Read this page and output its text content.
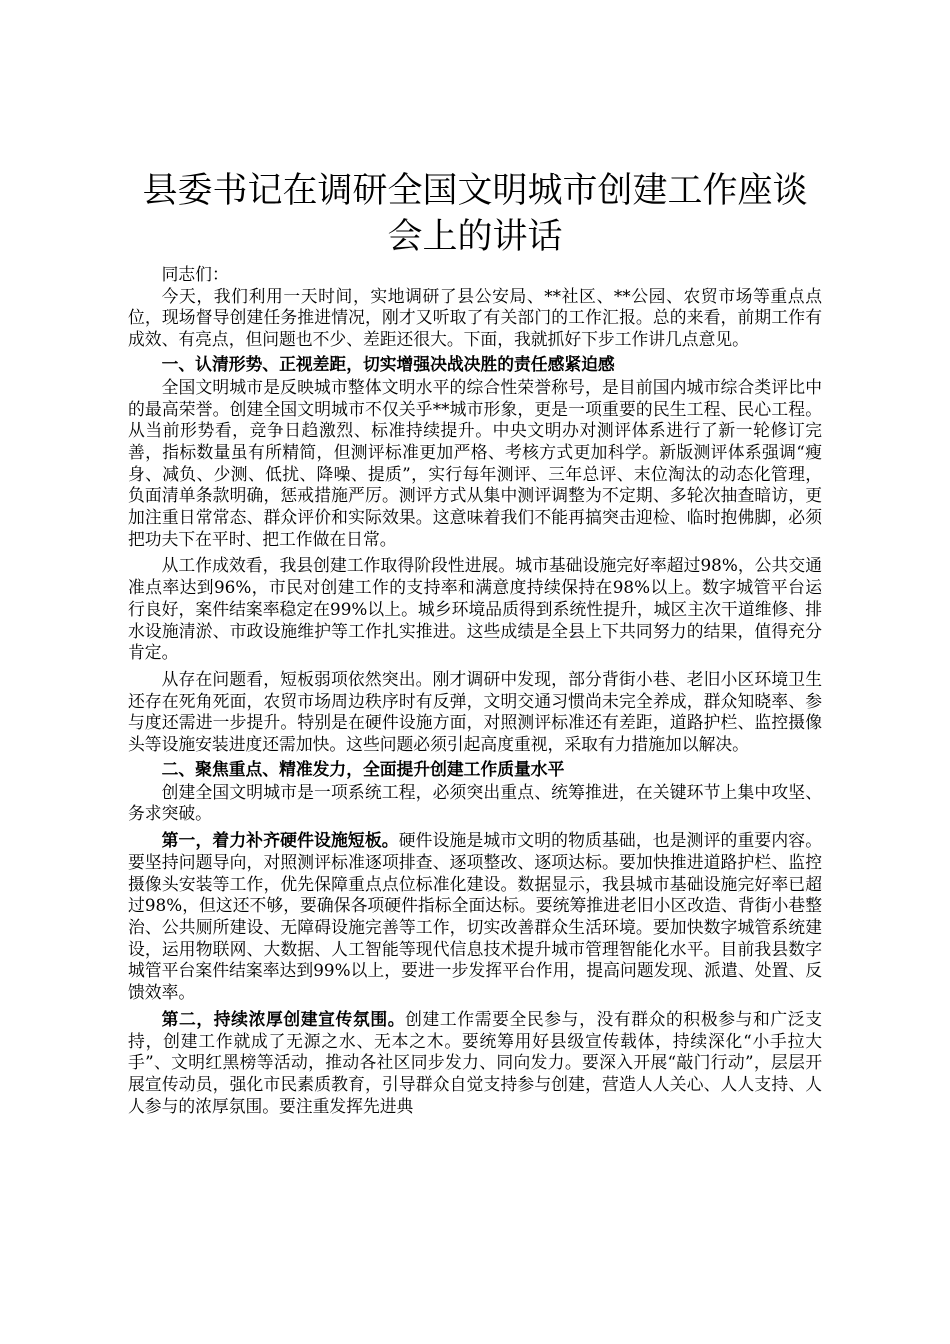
县委书记在调研全国文明城市创建工作座谈会上的讲话

同志们：

今天，我们利用一天时间，实地调研了县公安局、**社区、**公园、农贸市场等重点点位，现场督导创建任务推进情况，刚才又听取了有关部门的工作汇报。总的来看，前期工作有成效、有亮点，但问题也不少、差距还很大。下面，我就抓好下步工作讲几点意见。

一、认清形势、正视差距，切实增强决战决胜的责任感紧迫感

全国文明城市是反映城市整体文明水平的综合性荣誉称号，是目前国内城市综合类评比中的最高荣誉。创建全国文明城市不仅关乎**城市形象，更是一项重要的民生工程、民心工程。从当前形势看，竞争日趋激烈、标准持续提升。中央文明办对测评体系进行了新一轮修订完善，指标数量虽有所精简，但测评标准更加严格、考核方式更加科学。新版测评体系强调“瘦身、减负、少测、低扰、降噪、提质”，实行每年测评、三年总评、末位淘汰的动态化管理，负面清单条款明确，惩戒措施严厉。测评方式从集中测评调整为不定期、多轮次抽查暗访，更加注重日常常态、群众评价和实际效果。这意味着我们不能再搞突击迎检、临时抱佛脚，必须把功夫下在平时、把工作做在日常。

从工作成效看，我县创建工作取得阶段性进展。城市基础设施完好率超过98%，公共交通准点率达到96%，市民对创建工作的支持率和满意度持续保持在98%以上。数字城管平台运行良好，案件结案率稳定在99%以上。城乡环境品质得到系统性提升，城区主次干道维修、排水设施清淤、市政设施维护等工作扎实推进。这些成绩是全县上下共同努力的结果，值得充分肯定。

从存在问题看，短板弱项依然突出。刚才调研中发现，部分背街小巷、老旧小区环境卫生还存在死角死面，农贸市场周边秩序时有反弹，文明交通习惯尚未完全养成，群众知晓率、参与度还需进一步提升。特别是在硬件设施方面，对照测评标准还有差距，道路护栏、监控摄像头等设施安装进度还需加快。这些问题必须引起高度重视，采取有力措施加以解决。

二、聚焦重点、精准发力，全面提升创建工作质量水平

创建全国文明城市是一项系统工程，必须突出重点、统筹推进，在关键环节上集中攻坚、务求突破。

第一，着力补齐硬件设施短板。硬件设施是城市文明的物质基础，也是测评的重要内容。要坚持问题导向，对照测评标准逐项排查、逐项整改、逐项达标。要加快推进道路护栏、监控摄像头安装等工作，优先保障重点点位标准化建设。数据显示，我县城市基础设施完好率已超过98%，但这还不够，要确保各项硬件指标全面达标。要统筹推进老旧小区改造、背街小巷整治、公共厕所建设、无障碍设施完善等工作，切实改善群众生活环境。要加快数字城管系统建设，运用物联网、大数据、人工智能等现代信息技术提升城市管理智能化水平。目前我县数字城管平台案件结案率达到99%以上，要进一步发挥平台作用，提高问题发现、派遣、处置、反馈效率。

第二，持续浓厚创建宣传氛围。创建工作需要全民参与，没有群众的积极参与和广泛支持，创建工作就成了无源之水、无本之木。要统筹用好县级宣传载体，持续深化“小手拉大手”、文明红黑榜等活动，推动各社区同步发力、同向发力。要深入开展“敲门行动”，层层开展宣传动员，强化市民素质教育，引导群众自觉支持参与创建，营造人人关心、人人支持、人人参与的浓厚氛围。要注重发挥先进典
